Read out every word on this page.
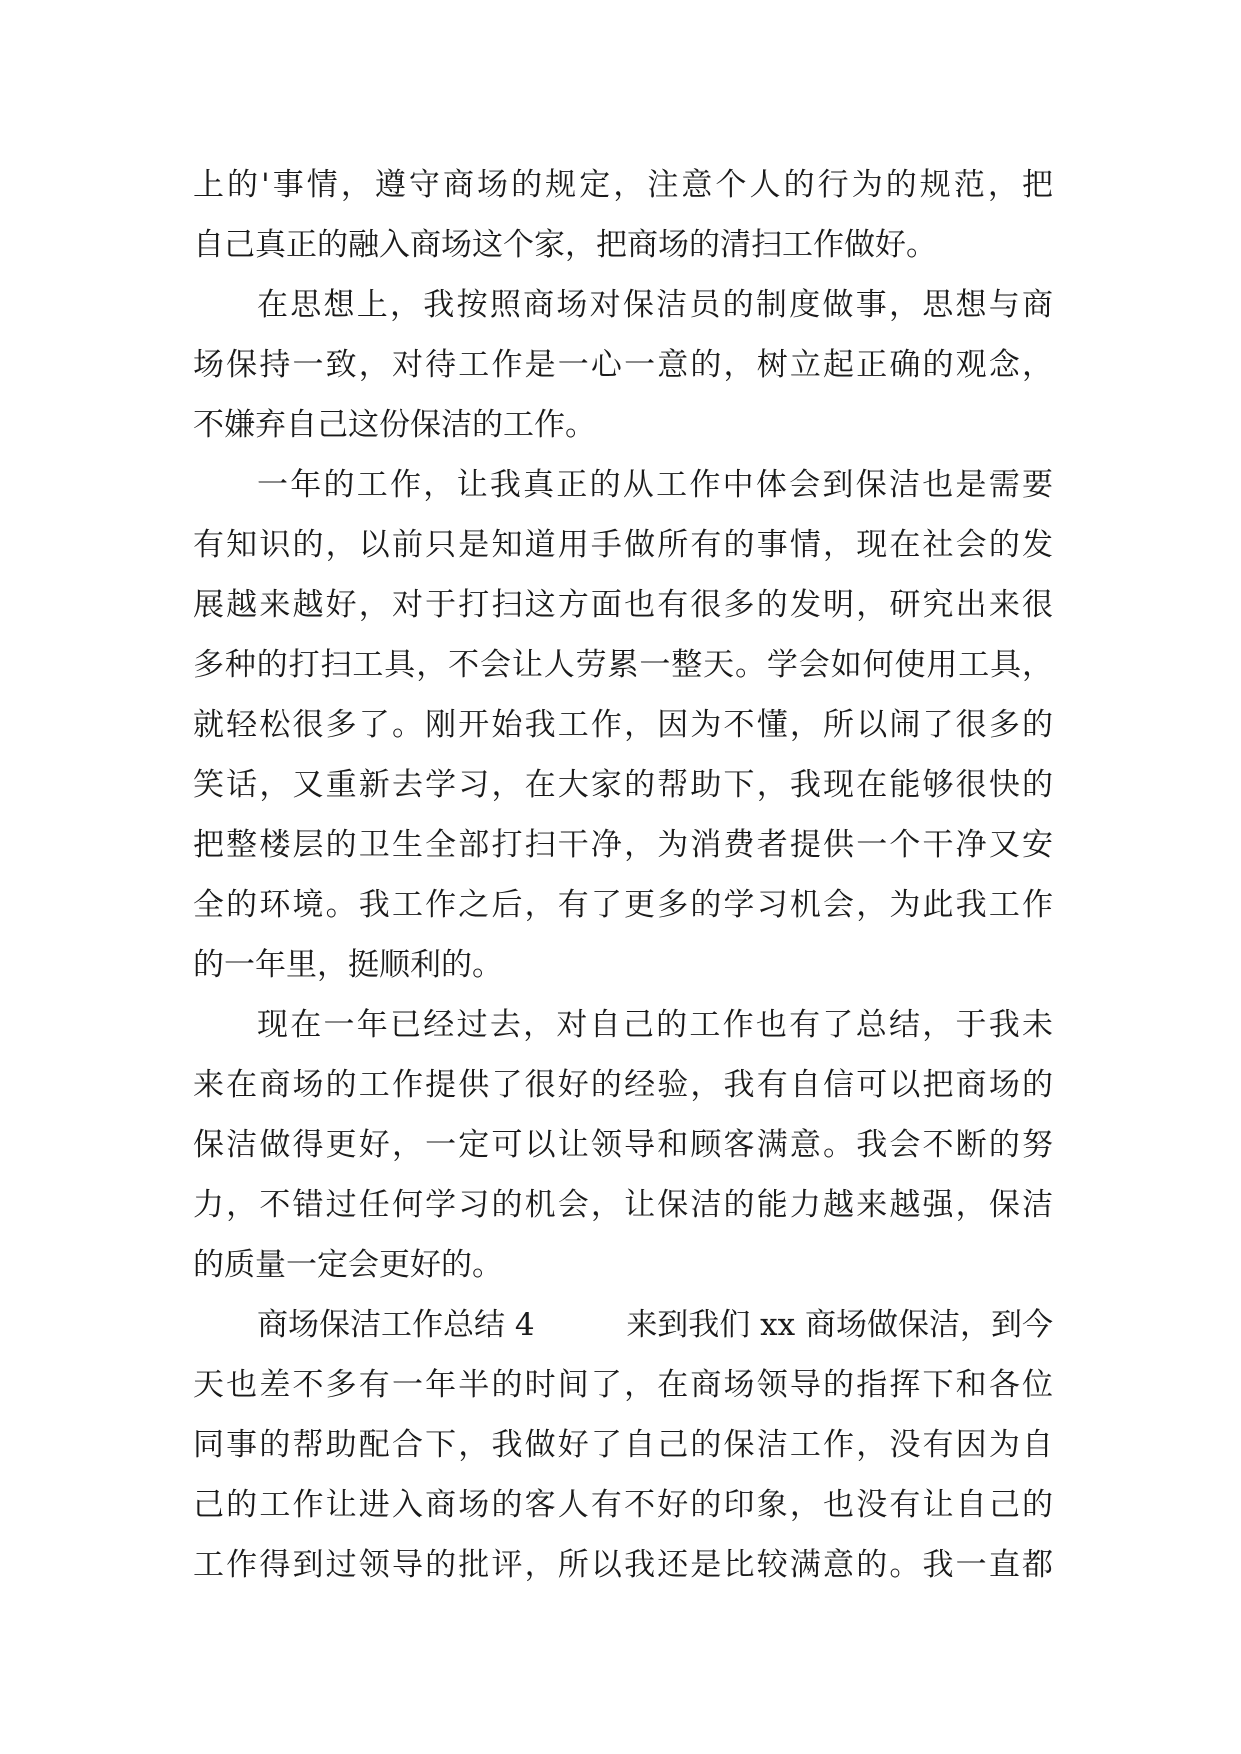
上的'事情，遵守商场的规定，注意个人的行为的规范，把
自己真正的融入商场这个家，把商场的清扫工作做好。
在思想上，我按照商场对保洁员的制度做事，思想与商
场保持一致，对待工作是一心一意的，树立起正确的观念，
不嫌弃自己这份保洁的工作。
一年的工作，让我真正的从工作中体会到保洁也是需要
有知识的，以前只是知道用手做所有的事情，现在社会的发
展越来越好，对于打扫这方面也有很多的发明，研究出来很
多种的打扫工具，不会让人劳累一整天。学会如何使用工具，
就轻松很多了。刚开始我工作，因为不懂，所以闹了很多的
笑话，又重新去学习，在大家的帮助下，我现在能够很快的
把整楼层的卫生全部打扫干净，为消费者提供一个干净又安
全的环境。我工作之后，有了更多的学习机会，为此我工作
的一年里，挺顺利的。
现在一年已经过去，对自己的工作也有了总结，于我未
来在商场的工作提供了很好的经验，我有自信可以把商场的
保洁做得更好，一定可以让领导和顾客满意。我会不断的努
力，不错过任何学习的机会，让保洁的能力越来越强，保洁
的质量一定会更好的。
商场保洁工作总结 4	来到我们 xx 商场做保洁，到今
天也差不多有一年半的时间了，在商场领导的指挥下和各位
同事的帮助配合下，我做好了自己的保洁工作，没有因为自
己的工作让进入商场的客人有不好的印象，也没有让自己的
工作得到过领导的批评，所以我还是比较满意的。我一直都
